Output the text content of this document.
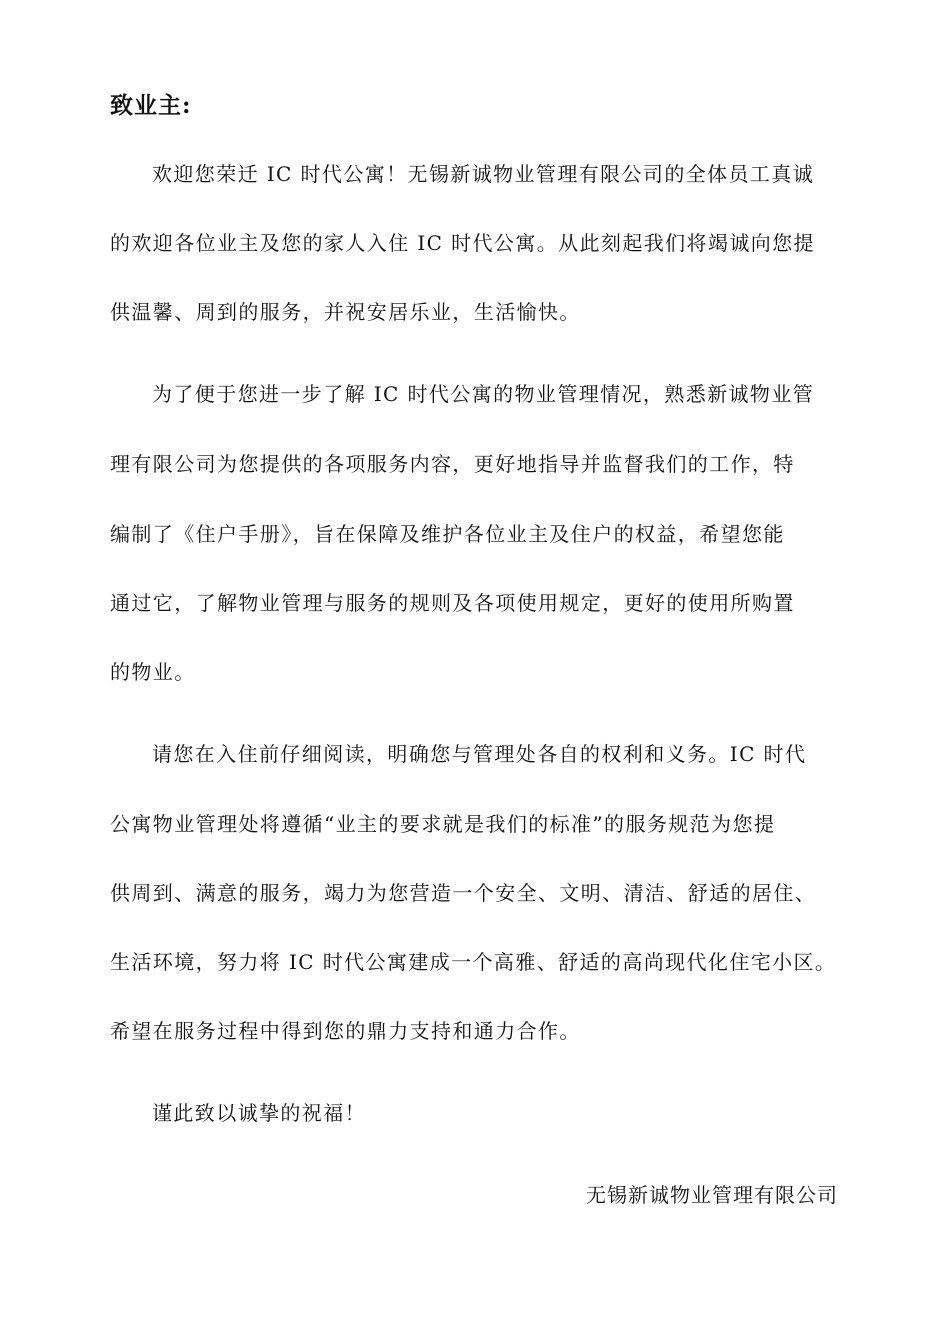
致业主:

欢迎您荣迁 IC 时代公寓！无锡新诚物业管理有限公司的全体员工真诚

的欢迎各位业主及您的家人入住 IC 时代公寓。从此刻起我们将竭诚向您提

供温馨、周到的服务，并祝安居乐业，生活愉快。

为了便于您进一步了解 IC 时代公寓的物业管理情况，熟悉新诚物业管

理有限公司为您提供的各项服务内容，更好地指导并监督我们的工作，特

编制了《住户手册》，旨在保障及维护各位业主及住户的权益，希望您能

通过它，了解物业管理与服务的规则及各项使用规定，更好的使用所购置

的物业。

请您在入住前仔细阅读，明确您与管理处各自的权利和义务。IC 时代

公寓物业管理处将遵循“业主的要求就是我们的标准”的服务规范为您提

供周到、满意的服务，竭力为您营造一个安全、文明、清洁、舒适的居住、

生活环境，努力将 IC 时代公寓建成一个高雅、舒适的高尚现代化住宅小区。

希望在服务过程中得到您的鼎力支持和通力合作。

谨此致以诚挚的祝福！

无锡新诚物业管理有限公司
